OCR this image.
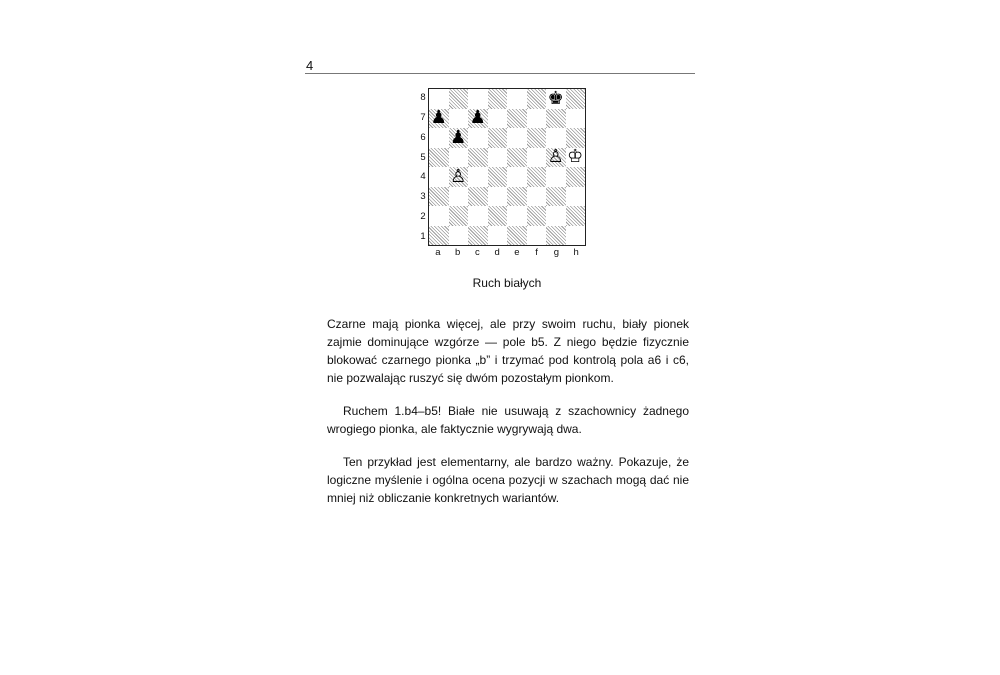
4
8
7
6
5
4
3
2
1
♚
♟ ♟
♟
♙ ♔
♙
a	b	c	d	e	f	g	h
Ruch białych

Czarne mają pionka więcej, ale przy swoim ruchu, biały pionek zajmie dominujące wzgórze — pole b5. Z niego będzie fizycznie blokować czarnego pionka „b” i trzymać pod kontrolą pola a6 i c6, nie pozwalając ruszyć się dwóm pozostałym pionkom.

Ruchem 1.b4–b5! Białe nie usuwają z szachownicy żadnego wrogiego pionka, ale faktycznie wygrywają dwa.

Ten przykład jest elementarny, ale bardzo ważny. Pokazuje, że logiczne myślenie i ogólna ocena pozycji w szachach mogą dać nie mniej niż obliczanie konkretnych wariantów.
